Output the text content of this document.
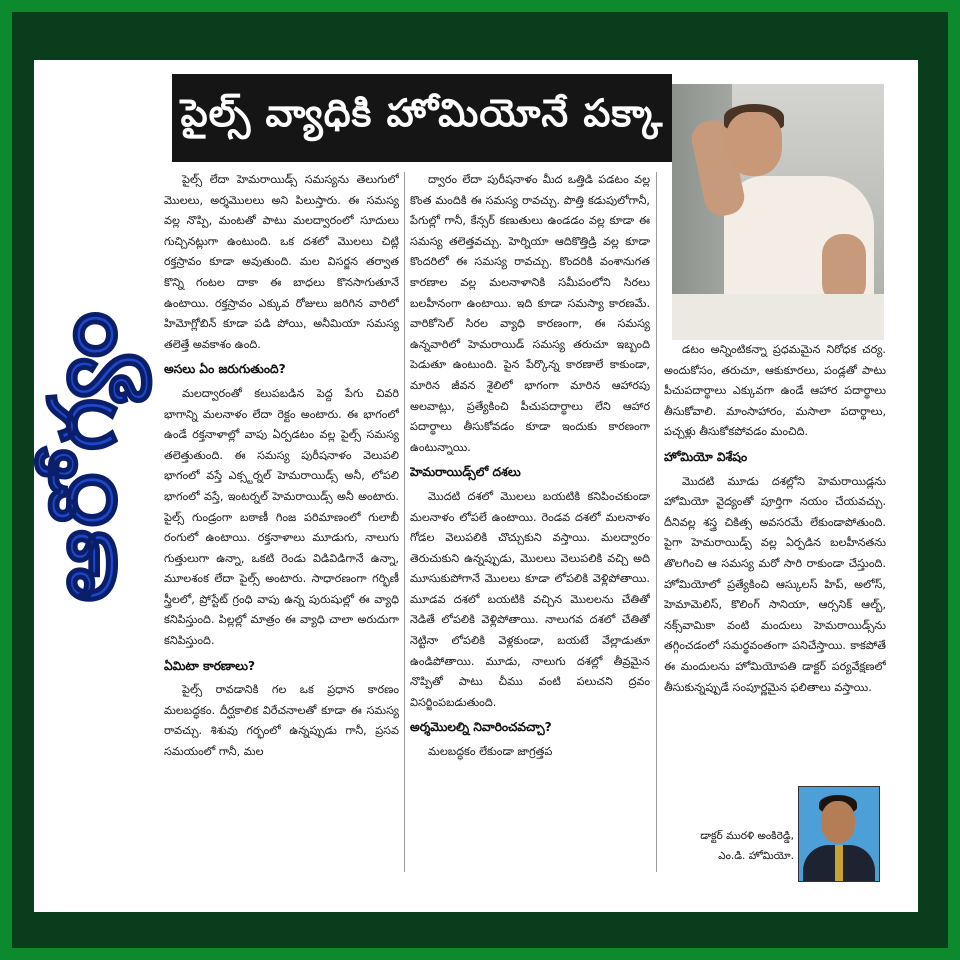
ఆరోగ్యం
పైల్స్ వ్యాధికి హోమియోనే పక్కా

పైల్స్ లేదా హెమరాయిడ్స్ సమస్యను తెలుగులో మొలలు, అర్శమొలలు అని పిలుస్తారు. ఈ సమస్య వల్ల నొప్పి, మంటతో పాటు మలద్వారంలో సూదులు గుచ్చినట్లుగా ఉంటుంది. ఒక దశలో మొలలు చిట్లి రక్తస్రావం కూడా అవుతుంది. మల విసర్జన తర్వాత కొన్ని గంటల దాకా ఈ బాధలు కొనసాగుతూనే ఉంటాయి. రక్తస్రావం ఎక్కువ రోజులు జరిగిన వారిలో హిమోగ్లోబిన్ కూడా పడి పోయి, అనీమియా సమస్య తలెత్తే అవకాశం ఉంది.

అసలు ఏం జరుగుతుంది?

మలద్వారంతో కలుపబడిన పెద్ద పేగు చివరి భాగాన్ని మలనాళం లేదా రెక్టం అంటారు. ఈ భాగంలో ఉండే రక్తనాళాల్లో వాపు ఏర్పడటం వల్ల పైల్స్ సమస్య తలెత్తుతుంది. ఈ సమస్య పురీషనాళం వెలుపలి భాగంలో వస్తే ఎక్స్టర్నల్ హెమరాయిడ్స్ అనీ, లోపలి భాగంలో వస్తే, ఇంటర్నల్ హెమరాయిడ్స్ అనీ అంటారు. పైల్స్ గుండ్రంగా బఠాణీ గింజ పరిమాణంలో గులాబీ రంగులో ఉంటాయి. రక్తనాళాలు మూడుగు, నాలుగు గుత్తులుగా ఉన్నా, ఒకటి రెండు విడివిడిగానే ఉన్నా, మూలశంక లేదా పైల్స్ అంటారు. సాధారణంగా గర్భిణీ స్త్రీలలో, ప్రోస్టేట్ గ్రంధి వాపు ఉన్న పురుషుల్లో ఈ వ్యాధి కనిపిస్తుంది. పిల్లల్లో మాత్రం ఈ వ్యాధి చాలా అరుదుగా కనిపిస్తుంది.

ఏమిటా కారణాలు?

పైల్స్ రావడానికి గల ఒక ప్రధాన కారణం మలబద్ధకం. దీర్ఘకాలిక విరేచనాలతో కూడా ఈ సమస్య రావచ్చు. శిశువు గర్భంలో ఉన్నప్పుడు గానీ, ప్రసవ సమయంలో గానీ, మల

ద్వారం లేదా పురీషనాళం మీద ఒత్తిడి పడటం వల్ల కొంత మందికి ఈ సమస్య రావచ్చు. పొత్తి కడుపులోగానీ, పేగుల్లో గానీ, కేన్సర్ కణుతులు ఉండడం వల్ల కూడా ఈ సమస్య తలెత్తవచ్చు. హెర్నియా ఆదికొత్తిడ్రి వల్ల కూడా కొందరిలో ఈ సమస్య రావచ్చు. కొందరికి వంశానుగత కారణాల వల్ల మలనాళానికి సమీపంలోని సిరలు బలహీనంగా ఉంటాయి. ఇది కూడా సమస్యా కారణమే. వారికోసెల్ సిరల వ్యాధి కారణంగా, ఈ సమస్య ఉన్నవారిలో హెమరాయిడ్ సమస్య తరుచూ ఇబ్బంది పెడుతూ ఉంటుంది. పైన పేర్కొన్న కారణాలే కాకుండా, మారిన జీవన శైలిలో భాగంగా మారిన ఆహారపు అలవాట్లు, ప్రత్యేకించి పీచుపదార్థాలు లేని ఆహార పదార్థాలు తీసుకోవడం కూడా ఇందుకు కారణంగా ఉంటున్నాయి.

హెమరాయిడ్స్‌లో దశలు

మొదటి దశలో మొలలు బయటికి కనిపించకుండా మలనాళం లోపలే ఉంటాయి. రెండవ దశలో మలనాళం గోడల వెలుపలికి చొచ్చుకుని వస్తాయి. మలద్వారం తెరుచుకుని ఉన్నప్పుడు, మొలలు వెలుపలికి వచ్చి అది మూసుకుపోగానే మొలలు కూడా లోపలికి వెళ్లిపోతాయి. మూడవ దశలో బయటికి వచ్చిన మొలలను చేతితో నెడితే లోపలికి వెళ్లిపోతాయి. నాలుగవ దశలో చేతితో నెట్టినా లోపలికి వెళ్లకుండా, బయటే వేల్లాడుతూ ఉండిపోతాయి. మూడు, నాలుగు దశల్లో తీవ్రమైన నొప్పితో పాటు చీము వంటి పలుచని ద్రవం విసర్జింపబడుతుంది.

అర్శమొలల్ని నివారించవచ్చా?

మలబద్ధకం లేకుండా జాగ్రత్తప

డటం అన్నింటికన్నా ప్రధమమైన నిరోధక చర్య. అందుకోసం, తరుచూ, ఆకుకూరలు, పండ్లతో పాటు పీచుపదార్థాలు ఎక్కువగా ఉండే ఆహార పదార్థాలు తీసుకోవాలి. మాంసాహారం, మసాలా పదార్థాలు, పచ్చళ్లు తీసుకోకపోవడం మంచిది.

హోమియో విశేషం

మొదటి మూడు దశల్లోని హెమరాయిడ్లను హోమియో వైద్యంతో పూర్తిగా నయం చేయవచ్చు. దీనివల్ల శస్త్ర చికిత్స అవసరమే లేకుండాపోతుంది. పైగా హెమరాయిడ్స్ వల్ల ఏర్పడిన బలహీనతను తొలగించి ఆ సమస్య మరో సారి రాకుండా చేస్తుంది. హోమియోలో ప్రత్యేకించి ఆస్కులస్ హిప్, అలోస్, హెమామెలిస్, కొలింగ్ సానియా, ఆర్సనిక్ ఆల్బ్, నక్స్‌వామికా వంటి మందులు హెమరాయిడ్స్‌ను తగ్గించడంలో సమర్థవంతంగా పనిచేస్తాయి. కాకపోతే ఈ మందులను హోమియోపతి డాక్టర్ పర్యవేక్షణలో తీసుకున్నప్పుడే సంపూర్ణమైన ఫలితాలు వస్తాయి.

డాక్టర్ మురళి అంకిరెడ్డి,
ఎం.డి. హోమియో.
